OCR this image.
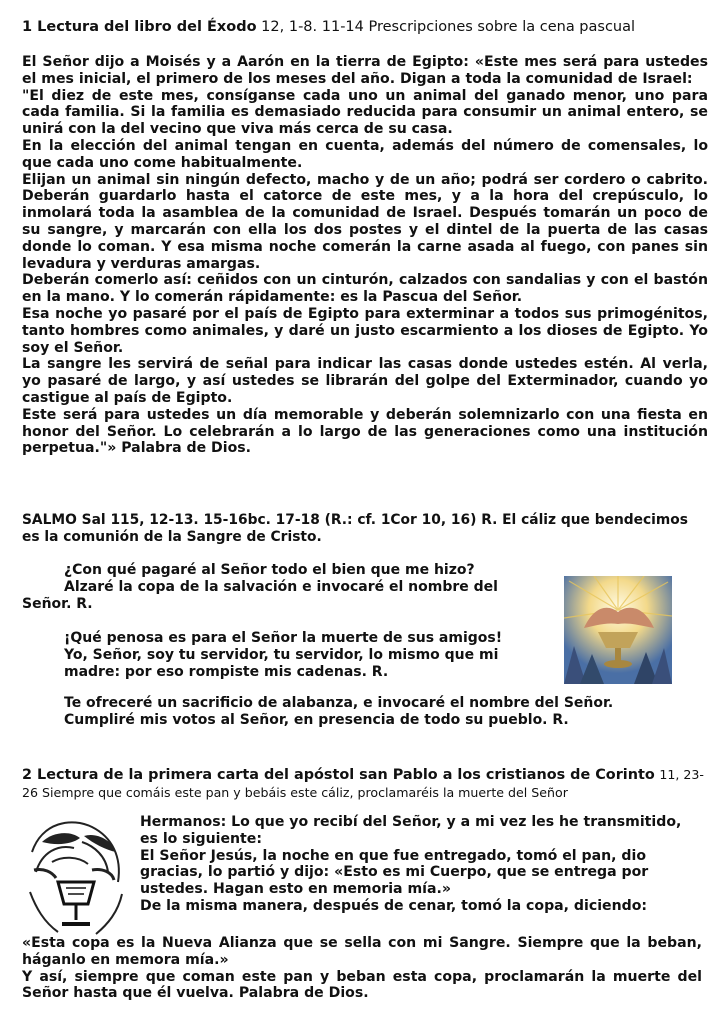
1 Lectura del libro del Éxodo 12, 1-8. 11-14 Prescripciones sobre la cena pascual

El Señor dijo a Moisés y a Aarón en la tierra de Egipto: «Este mes será para ustedes el mes inicial, el primero de los meses del año. Digan a toda la comunidad de Israel:

"El diez de este mes, consíganse cada uno un animal del ganado menor, uno para cada familia. Si la familia es demasiado reducida para consumir un animal entero, se unirá con la del vecino que viva más cerca de su casa.

En la elección del animal tengan en cuenta, además del número de comensales, lo que cada uno come habitualmente.

Elijan un animal sin ningún defecto, macho y de un año; podrá ser cordero o cabrito. Deberán guardarlo hasta el catorce de este mes, y a la hora del crepúsculo, lo inmolará toda la asamblea de la comunidad de Israel. Después tomarán un poco de su sangre, y marcarán con ella los dos postes y el dintel de la puerta de las casas donde lo coman. Y esa misma noche comerán la carne asada al fuego, con panes sin levadura y verduras amargas.

Deberán comerlo así: ceñidos con un cinturón, calzados con sandalias y con el bastón en la mano. Y lo comerán rápidamente: es la Pascua del Señor.

Esa noche yo pasaré por el país de Egipto para exterminar a todos sus primogénitos, tanto hombres como animales, y daré un justo escarmiento a los dioses de Egipto. Yo soy el Señor.

La sangre les servirá de señal para indicar las casas donde ustedes estén. Al verla, yo pasaré de largo, y así ustedes se librarán del golpe del Exterminador, cuando yo castigue al país de Egipto.

Este será para ustedes un día memorable y deberán solemnizarlo con una fiesta en honor del Señor. Lo celebrarán a lo largo de las generaciones como una institución perpetua."» Palabra de Dios.

SALMO Sal 115, 12-13. 15-16bc. 17-18 (R.: cf. 1Cor 10, 16) R. El cáliz que bendecimos es la comunión de la Sangre de Cristo.

¿Con qué pagaré al Señor todo el bien que me hizo?

Alzaré la copa de la salvación e invocaré el nombre del

Señor. R.

¡Qué penosa es para el Señor la muerte de sus amigos!

Yo, Señor, soy tu servidor, tu servidor, lo mismo que mi madre: por eso rompiste mis cadenas. R.

Te ofreceré un sacrificio de alabanza, e invocaré el nombre del Señor.

Cumpliré mis votos al Señor, en presencia de todo su pueblo. R.

2 Lectura de la primera carta del apóstol san Pablo a los cristianos de Corinto 11, 23-26 Siempre que comáis este pan y bebáis este cáliz, proclamaréis la muerte del Señor

Hermanos: Lo que yo recibí del Señor, y a mi vez les he transmitido, es lo siguiente:

El Señor Jesús, la noche en que fue entregado, tomó el pan, dio gracias, lo partió y dijo: «Esto es mi Cuerpo, que se entrega por ustedes. Hagan esto en memoria mía.»

De la misma manera, después de cenar, tomó la copa, diciendo:

«Esta copa es la Nueva Alianza que se sella con mi Sangre. Siempre que la beban, háganlo en memora mía.»

Y así, siempre que coman este pan y beban esta copa, proclamarán la muerte del Señor hasta que él vuelva. Palabra de Dios.
